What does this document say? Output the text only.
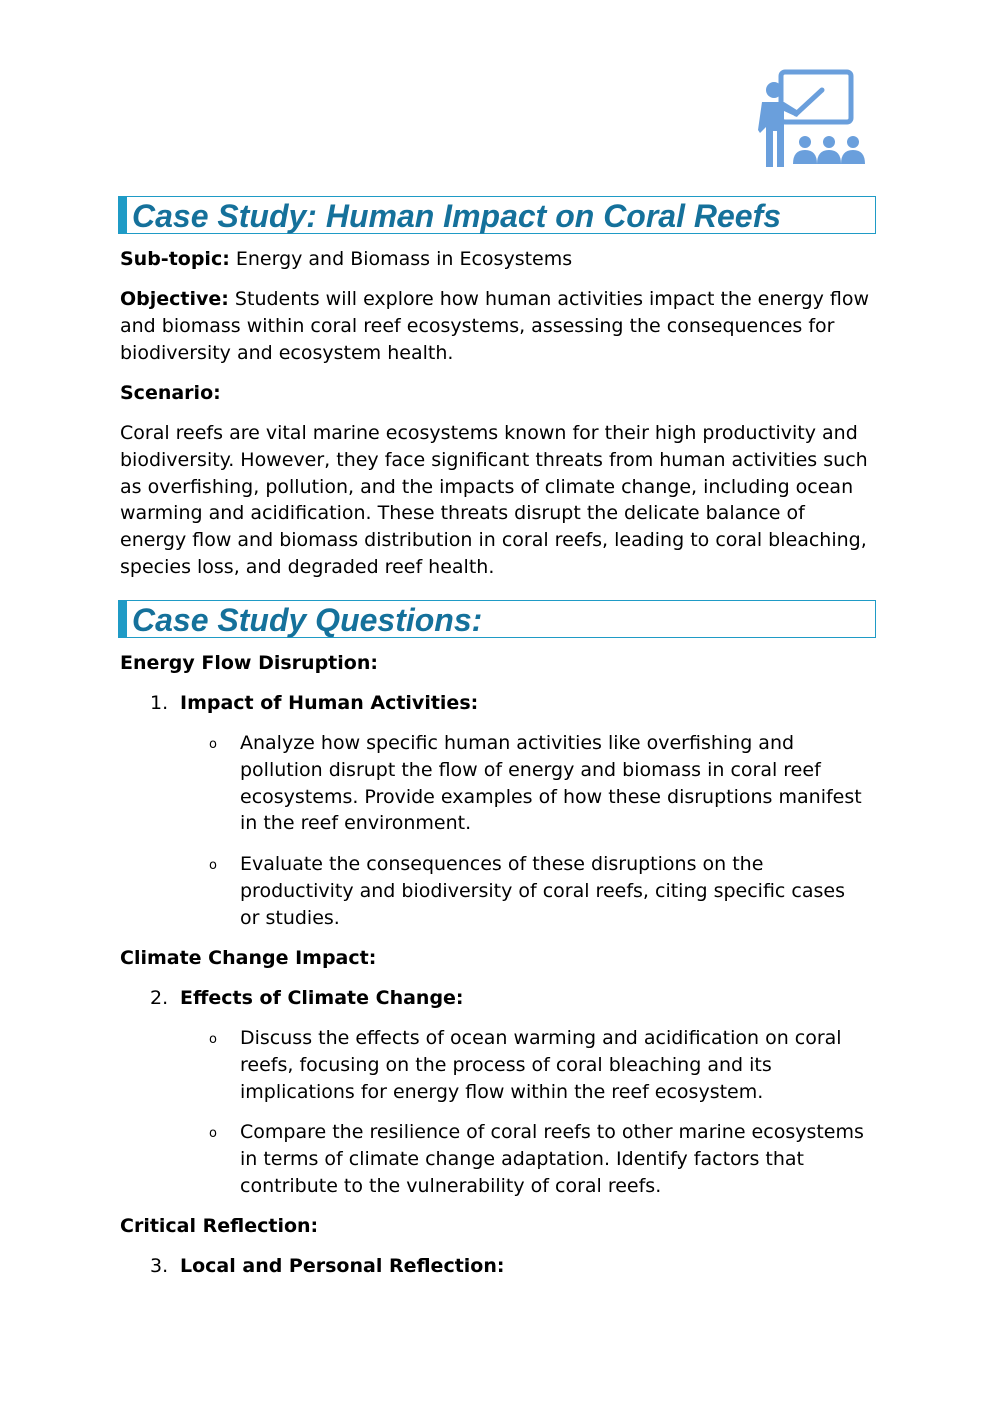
Case Study: Human Impact on Coral Reefs
Sub-topic: Energy and Biomass in Ecosystems
Objective: Students will explore how human activities impact the energy flow and biomass within coral reef ecosystems, assessing the consequences for biodiversity and ecosystem health.
Scenario:
Coral reefs are vital marine ecosystems known for their high productivity and biodiversity. However, they face significant threats from human activities such as overfishing, pollution, and the impacts of climate change, including ocean warming and acidification. These threats disrupt the delicate balance of energy flow and biomass distribution in coral reefs, leading to coral bleaching, species loss, and degraded reef health.
Case Study Questions:
Energy Flow Disruption:
1. Impact of Human Activities:
o Analyze how specific human activities like overfishing and pollution disrupt the flow of energy and biomass in coral reef ecosystems. Provide examples of how these disruptions manifest in the reef environment.
o Evaluate the consequences of these disruptions on the productivity and biodiversity of coral reefs, citing specific cases or studies.
Climate Change Impact:
2. Effects of Climate Change:
o Discuss the effects of ocean warming and acidification on coral reefs, focusing on the process of coral bleaching and its implications for energy flow within the reef ecosystem.
o Compare the resilience of coral reefs to other marine ecosystems in terms of climate change adaptation. Identify factors that contribute to the vulnerability of coral reefs.
Critical Reflection:
3. Local and Personal Reflection:
